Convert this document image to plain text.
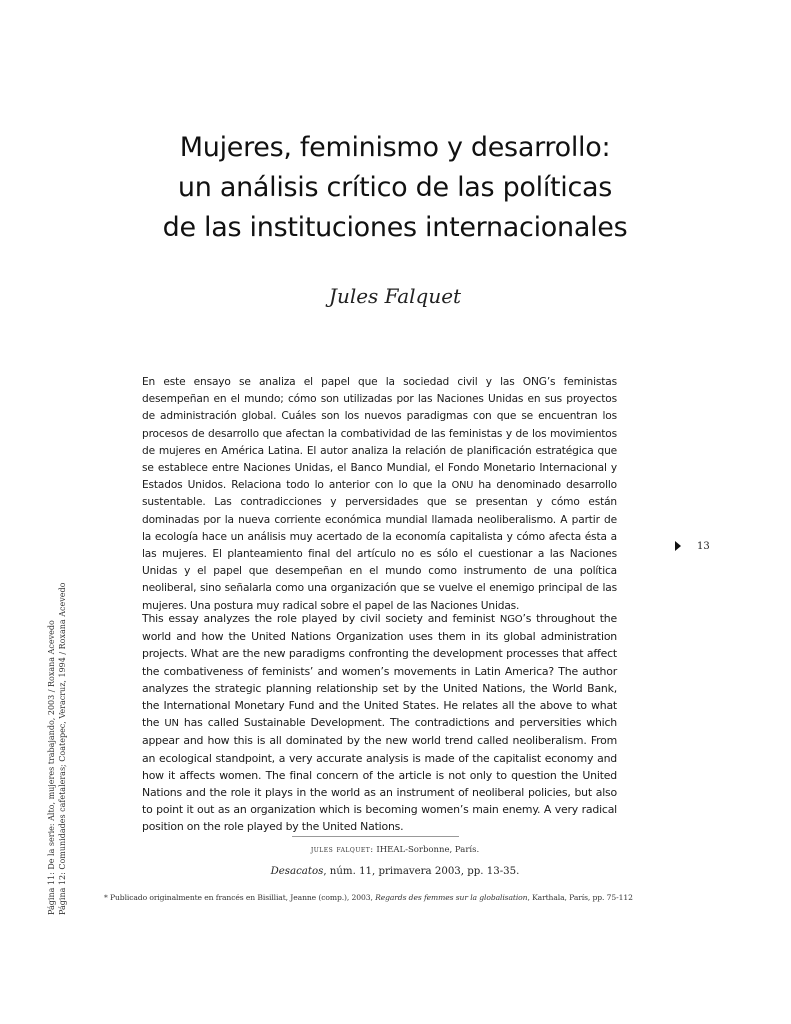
Mujeres, feminismo y desarrollo:
un análisis crítico de las políticas
de las instituciones internacionales
Jules Falquet

En este ensayo se analiza el papel que la sociedad civil y las ONG’s feministas desempeñan en el mundo; cómo son utilizadas por las Naciones Unidas en sus proyectos de administración global. Cuáles son los nuevos paradigmas con que se encuentran los procesos de desarrollo que afectan la combatividad de las feministas y de los movimientos de mujeres en América Latina. El autor analiza la relación de planificación estratégica que se establece entre Naciones Unidas, el Banco Mundial, el Fondo Monetario Internacional y Estados Unidos. Relaciona todo lo anterior con lo que la ONU ha denominado desarrollo sustentable. Las contradicciones y perversidades que se presentan y cómo están dominadas por la nueva corriente económica mundial llamada neoliberalismo. A partir de la ecología hace un análisis muy acertado de la economía capitalista y cómo afecta ésta a las mujeres. El planteamiento final del artículo no es sólo el cuestionar a las Naciones Unidas y el papel que desempeñan en el mundo como instrumento de una política neoliberal, sino señalarla como una organización que se vuelve el enemigo principal de las mujeres. Una postura muy radical sobre el papel de las Naciones Unidas.

This essay analyzes the role played by civil society and feminist NGO’s throughout the world and how the United Nations Organization uses them in its global administration projects. What are the new paradigms confronting the development processes that affect the combativeness of feminists’ and women’s movements in Latin America? The author analyzes the strategic planning relationship set by the United Nations, the World Bank, the International Monetary Fund and the United States. He relates all the above to what the UN has called Sustainable Development. The contradictions and perversities which appear and how this is all dominated by the new world trend called neoliberalism. From an ecological standpoint, a very accurate analysis is made of the capitalist economy and how it affects women. The final concern of the article is not only to question the United Nations and the role it plays in the world as an instrument of neoliberal policies, but also to point it out as an organization which is becoming women’s main enemy. A very radical position on the role played by the United Nations.

13
jules falquet: IHEAL-Sorbonne, París.
Desacatos, núm. 11, primavera 2003, pp. 13-35.
* Publicado originalmente en francés en Bisilliat, Jeanne (comp.), 2003, Regards des femmes sur la globalisation, Karthala, París, pp. 75-112
Página 11: De la serie: Alto, mujeres trabajando, 2003 / Roxana Acevedo Página 12: Comunidades cafetaleras; Coatepec, Veracruz, 1994 / Roxana Acevedo
